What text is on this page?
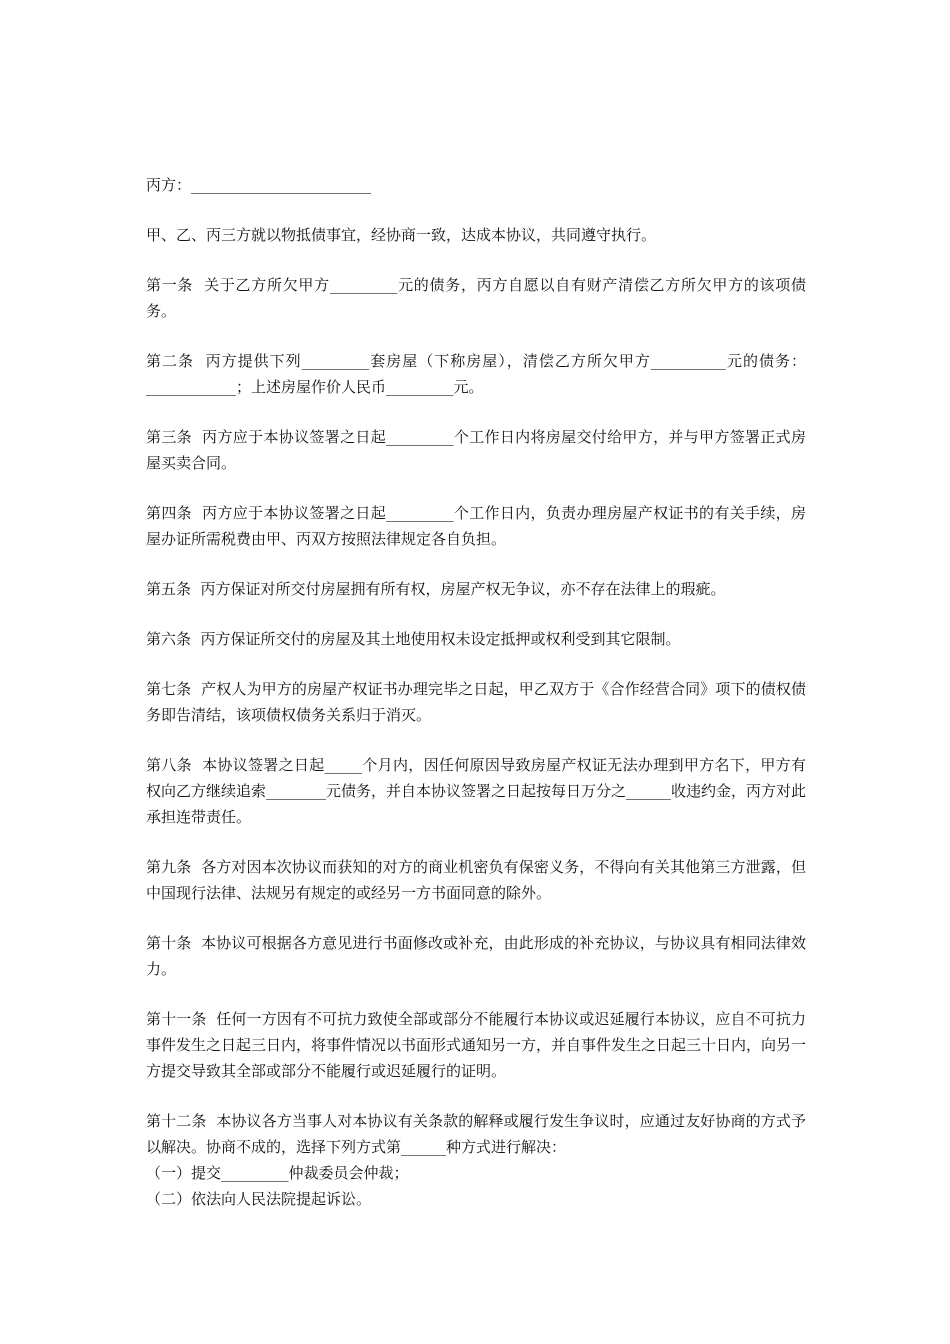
丙方：________________________

甲、乙、丙三方就以物抵债事宜，经协商一致，达成本协议，共同遵守执行。

第一条  关于乙方所欠甲方_________元的债务，丙方自愿以自有财产清偿乙方所欠甲方的该项债务。

第二条  丙方提供下列_________套房屋（下称房屋），清偿乙方所欠甲方__________元的债务：____________；上述房屋作价人民币_________元。

第三条  丙方应于本协议签署之日起_________个工作日内将房屋交付给甲方，并与甲方签署正式房屋买卖合同。

第四条  丙方应于本协议签署之日起_________个工作日内，负责办理房屋产权证书的有关手续，房屋办证所需税费由甲、丙双方按照法律规定各自负担。

第五条  丙方保证对所交付房屋拥有所有权，房屋产权无争议，亦不存在法律上的瑕疵。

第六条  丙方保证所交付的房屋及其土地使用权未设定抵押或权利受到其它限制。

第七条  产权人为甲方的房屋产权证书办理完毕之日起，甲乙双方于《合作经营合同》项下的债权债务即告清结，该项债权债务关系归于消灭。

第八条  本协议签署之日起_____个月内，因任何原因导致房屋产权证无法办理到甲方名下，甲方有权向乙方继续追索________元债务，并自本协议签署之日起按每日万分之______收违约金，丙方对此承担连带责任。

第九条  各方对因本次协议而获知的对方的商业机密负有保密义务，不得向有关其他第三方泄露，但中国现行法律、法规另有规定的或经另一方书面同意的除外。

第十条  本协议可根据各方意见进行书面修改或补充，由此形成的补充协议，与协议具有相同法律效力。

第十一条  任何一方因有不可抗力致使全部或部分不能履行本协议或迟延履行本协议，应自不可抗力事件发生之日起三日内，将事件情况以书面形式通知另一方，并自事件发生之日起三十日内，向另一方提交导致其全部或部分不能履行或迟延履行的证明。

第十二条  本协议各方当事人对本协议有关条款的解释或履行发生争议时，应通过友好协商的方式予以解决。协商不成的，选择下列方式第______种方式进行解决：

（一）提交_________仲裁委员会仲裁；
（二）依法向人民法院提起诉讼。
